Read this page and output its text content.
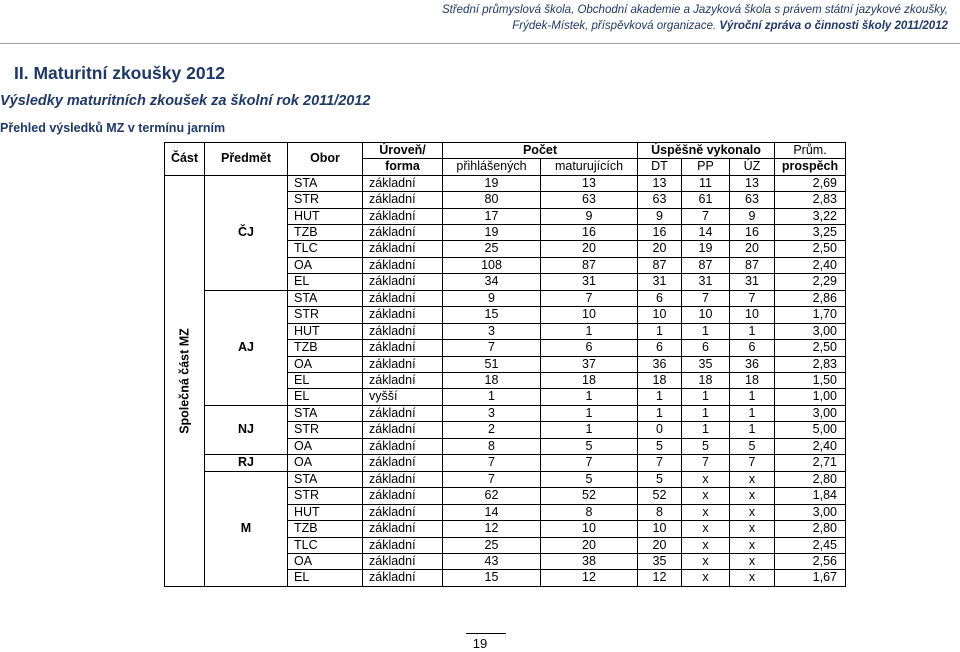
Střední průmyslová škola, Obchodní akademie a Jazyková škola s právem státní jazykové zkoušky,
Frýdek-Místek, příspěvková organizace. Výroční zpráva o činnosti školy 2011/2012
II. Maturitní zkoušky 2012
Výsledky maturitních zkoušek za školní rok 2011/2012
Přehled výsledků MZ v termínu jarním
Část	Předmět	Obor	Úroveň/	Počet		Úspěšně vykonalo			Prům.
			forma	přihlášených	maturujících	DT	PP	ÚZ	prospěch

Společná část MZ	ČJ	STA	základní	19	13	13	11	13	2,69
		STR	základní	80	63	63	61	63	2,83
		HUT	základní	17	9	9	7	9	3,22
		TZB	základní	19	16	16	14	16	3,25
		TLC	základní	25	20	20	19	20	2,50
		OA	základní	108	87	87	87	87	2,40
		EL	základní	34	31	31	31	31	2,29
	AJ	STA	základní	9	7	6	7	7	2,86
		STR	základní	15	10	10	10	10	1,70
		HUT	základní	3	1	1	1	1	3,00
		TZB	základní	7	6	6	6	6	2,50
		OA	základní	51	37	36	35	36	2,83
		EL	základní	18	18	18	18	18	1,50
		EL	vyšší	1	1	1	1	1	1,00
	NJ	STA	základní	3	1	1	1	1	3,00
		STR	základní	2	1	0	1	1	5,00
		OA	základní	8	5	5	5	5	2,40
	RJ	OA	základní	7	7	7	7	7	2,71
	M	STA	základní	7	5	5	x	x	2,80
		STR	základní	62	52	52	x	x	1,84
		HUT	základní	14	8	8	x	x	3,00
		TZB	základní	12	10	10	x	x	2,80
		TLC	základní	25	20	20	x	x	2,45
		OA	základní	43	38	35	x	x	2,56
		EL	základní	15	12	12	x	x	1,67
19
